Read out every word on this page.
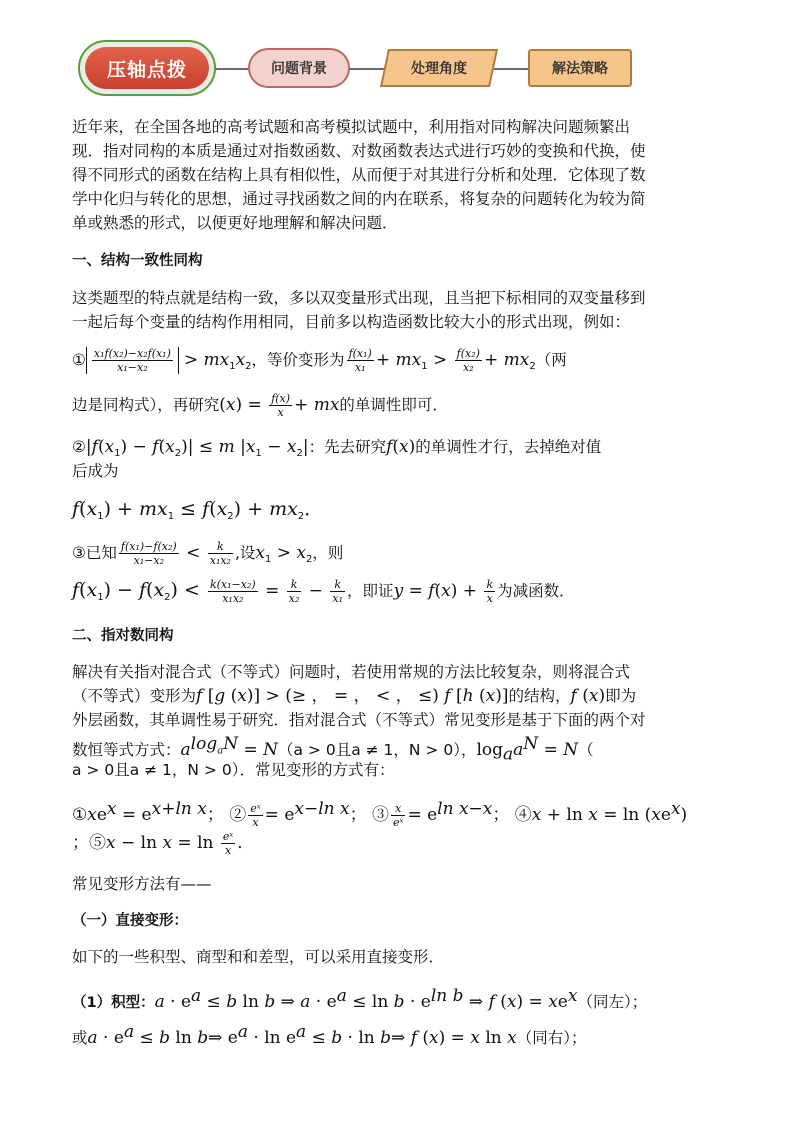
压轴点拨	问题背景	处理角度	解法策略
近年来，在全国各地的高考试题和高考模拟试题中，利用指对同构解决问题频繁出
现．指对同构的本质是通过对指数函数、对数函数表达式进行巧妙的变换和代换，使
得不同形式的函数在结构上具有相似性，从而便于对其进行分析和处理．它体现了数
学中化归与转化的思想，通过寻找函数之间的内在联系，将复杂的问题转化为较为简
单或熟悉的形式，以便更好地理解和解决问题．
一、结构一致性同构
这类题型的特点就是结构一致，多以双变量形式出现，且当把下标相同的双变量移到
一起后每个变量的结构作用相同，目前多以构造函数比较大小的形式出现，例如：
① $\frac{\text{x₁f(x₂)−x₂f(x₁)}}{\text{x₁−x₂}} > mx_1x_2$，等价变形为 $\frac{\text{f(x₁)}}{\text{x₁}} + mx_1 > \frac{\text{f(x₂)}}{\text{x₂}} + mx_2$（两
边是同构式），再研究$(x) = \frac{f(x)}{x}$ + mx的单调性即可．
$②|f(x_1) - f(x_2)| \le m$ $|x_1 - x_2|$：先去研究f(x)的单调性才行，去掉绝对值
后成为
$f(x_1) + mx_1 \le f(x_2) + mx_2$．
③已知 $\frac{\text{f(x₁)−f(x₂)}}{\text{x₁−x₂}} < \frac{k}{\text{x₁x₂}}$ ,设$x_1 > x_2$，则
$f(x_1) - f(x_2) < \frac{\text{k(x₁−x₂)}}{\text{x₁x₂}} = \frac{k}{\text{x₂}} - \frac{k}{\text{x₁}}$ ，即证$y = f(x) + \frac{k}{x}$ 为减函数．
二、指对数同构
解决有关指对混合式（不等式）问题时，若使用常规的方法比较复杂，则将混合式
（不等式）变形为f [g (x)] > (≥ ， = ， < ， ≤) f [h (x)]的结构，f (x)即为
外层函数，其单调性易于研究．指对混合式（不等式）常见变形是基于下面的两个对
数恒等式方式：$a^{log_aN} = N(a > 0$且a ≠ 1，N > 0），$\log_aa^N = N$（
a > 0且a ≠ 1，N > 0）．常见变形的方式有：
$①xe^x = e^{x+ln x}$； ② $\frac{\text{eˣ}}{x} = e^{x-ln x}$； ③ $\frac{x}{\text{eˣ}} = e^{ln x-x}$； ④x + $\ln x = \ln (xe^x)$
；⑤x − $\ln x = \ln \frac{\text{eˣ}}{x}$ ．
常见变形方法有——
（一）直接变形：
如下的一些积型、商型和和差型，可以采用直接变形．
（1）积型：$a \cdot e^a \le b$ ln b ⇒ $a \cdot e^a \le \ln b \cdot e^{ln b}$ ⇒ f $(x) = xe^x$（同左）；
或$a \cdot e^a \le b$ ln b⇒ $e^a \cdot \ln e^a \le b \cdot \ln$ b⇒ f (x) = x ln x（同右）；
